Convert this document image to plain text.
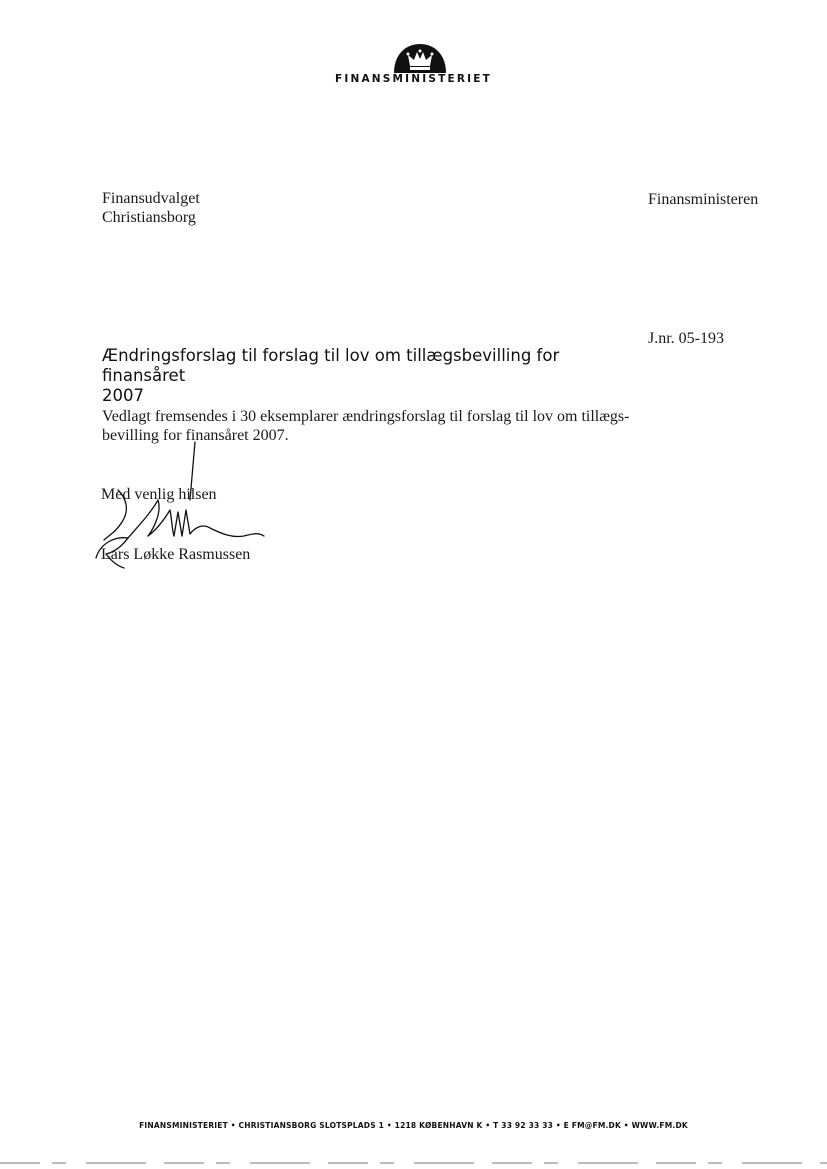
FINANSMINISTERIET
Finansudvalget
Christiansborg
Finansministeren
J.nr. 05-193
Ændringsforslag til forslag til lov om tillægsbevilling for finansåret
2007
Vedlagt fremsendes i 30 eksemplarer ændringsforslag til forslag til lov om tillægs-
bevilling for finansåret 2007.
Med venlig hilsen
Lars Løkke Rasmussen
FINANSMINISTERIET • CHRISTIANSBORG SLOTSPLADS 1 • 1218 KØBENHAVN K • T 33 92 33 33 • E FM@FM.DK • WWW.FM.DK
